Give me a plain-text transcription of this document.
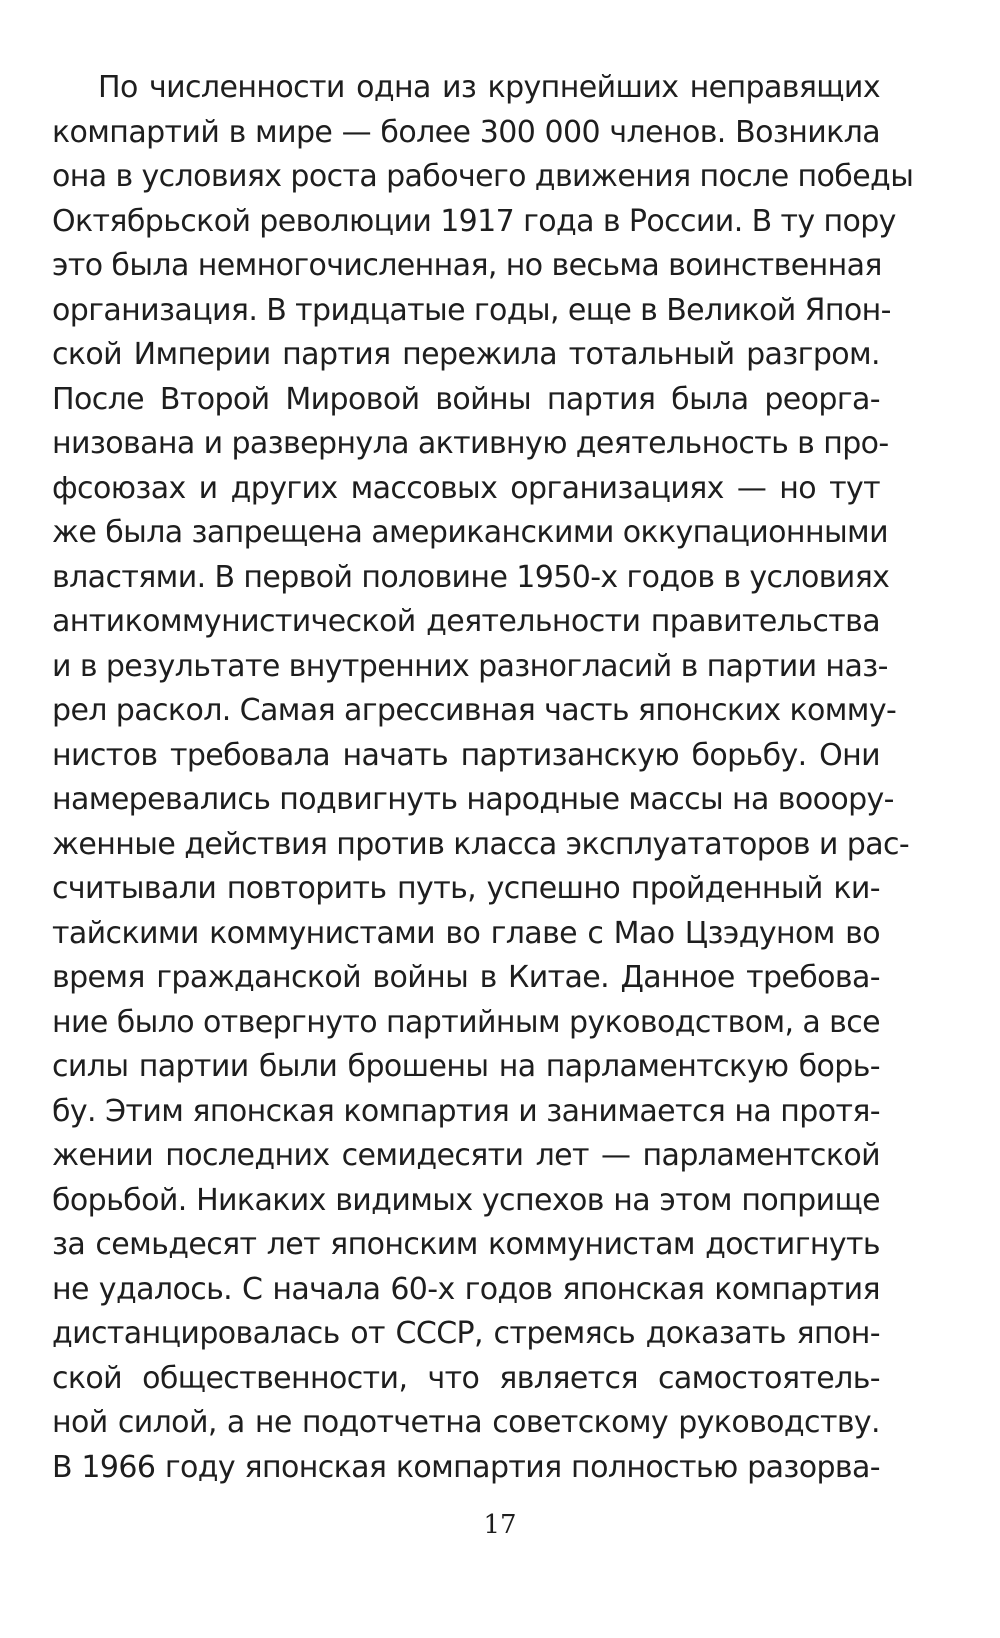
По численности одна из крупнейших неправящих
компартий в мире — более 300 000 членов. Возникла
она в условиях роста рабочего движения после победы
Октябрьской революции 1917 года в России. В ту пору
это была немногочисленная, но весьма воинственная
организация. В тридцатые годы, еще в Великой Япон-
ской Империи партия пережила тотальный разгром.
После Второй Мировой войны партия была реорга-
низована и развернула активную деятельность в про-
фсоюзах и других массовых организациях — но тут
же была запрещена американскими оккупационными
властями. В первой половине 1950-х годов в условиях
антикоммунистической деятельности правительства
и в результате внутренних разногласий в партии наз-
рел раскол. Самая агрессивная часть японских комму-
нистов требовала начать партизанскую борьбу. Они
намеревались подвигнуть народные массы на вооору-
женные действия против класса эксплуататоров и рас-
считывали повторить путь, успешно пройденный ки-
тайскими коммунистами во главе с Мао Цзэдуном во
время гражданской войны в Китае. Данное требова-
ние было отвергнуто партийным руководством, а все
силы партии были брошены на парламентскую борь-
бу. Этим японская компартия и занимается на протя-
жении последних семидесяти лет — парламентской
борьбой. Никаких видимых успехов на этом поприще
за семьдесят лет японским коммунистам достигнуть
не удалось. С начала 60-х годов японская компартия
дистанцировалась от СССР, стремясь доказать япон-
ской общественности, что является самостоятель-
ной силой, а не подотчетна советскому руководству.
В 1966 году японская компартия полностью разорва-
17
